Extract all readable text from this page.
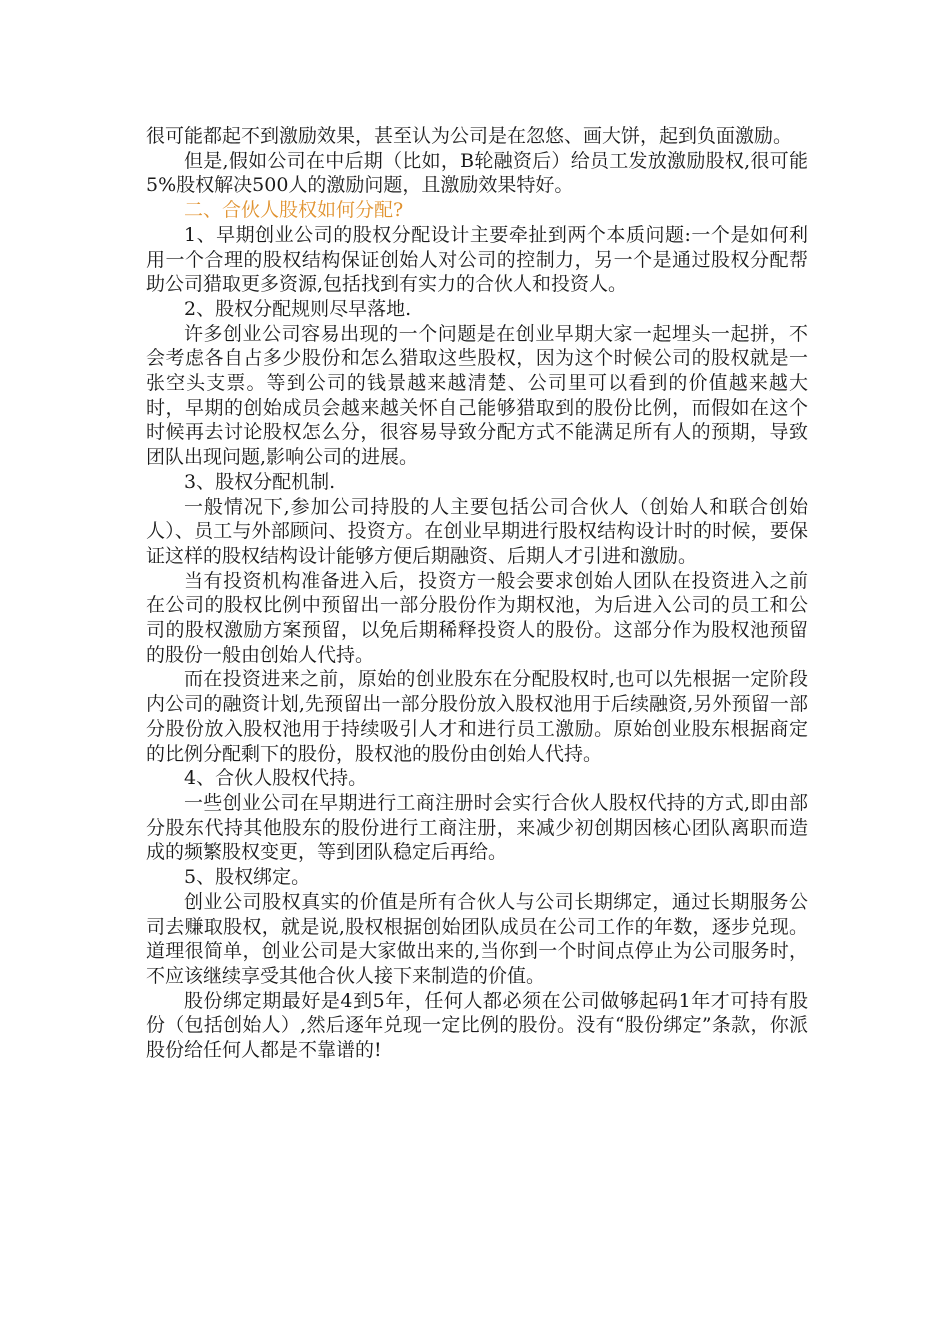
很可能都起不到激励效果，甚至认为公司是在忽悠、画大饼，起到负面激励。

但是,假如公司在中后期（比如，B轮融资后）给员工发放激励股权,很可能5%股权解决500人的激励问题，且激励效果特好。

二、合伙人股权如何分配?

1、早期创业公司的股权分配设计主要牵扯到两个本质问题:一个是如何利用一个合理的股权结构保证创始人对公司的控制力，另一个是通过股权分配帮助公司猎取更多资源,包括找到有实力的合伙人和投资人。

2、股权分配规则尽早落地.

许多创业公司容易出现的一个问题是在创业早期大家一起埋头一起拼，不会考虑各自占多少股份和怎么猎取这些股权，因为这个时候公司的股权就是一张空头支票。等到公司的钱景越来越清楚、公司里可以看到的价值越来越大时，早期的创始成员会越来越关怀自己能够猎取到的股份比例，而假如在这个时候再去讨论股权怎么分，很容易导致分配方式不能满足所有人的预期，导致团队出现问题,影响公司的进展。

3、股权分配机制.

一般情况下,参加公司持股的人主要包括公司合伙人（创始人和联合创始人）、员工与外部顾问、投资方。在创业早期进行股权结构设计时的时候，要保证这样的股权结构设计能够方便后期融资、后期人才引进和激励。

当有投资机构准备进入后，投资方一般会要求创始人团队在投资进入之前在公司的股权比例中预留出一部分股份作为期权池，为后进入公司的员工和公司的股权激励方案预留，以免后期稀释投资人的股份。这部分作为股权池预留的股份一般由创始人代持。

而在投资进来之前，原始的创业股东在分配股权时,也可以先根据一定阶段内公司的融资计划,先预留出一部分股份放入股权池用于后续融资,另外预留一部分股份放入股权池用于持续吸引人才和进行员工激励。原始创业股东根据商定的比例分配剩下的股份，股权池的股份由创始人代持。

4、合伙人股权代持。

一些创业公司在早期进行工商注册时会实行合伙人股权代持的方式,即由部分股东代持其他股东的股份进行工商注册，来减少初创期因核心团队离职而造成的频繁股权变更，等到团队稳定后再给。

5、股权绑定。

创业公司股权真实的价值是所有合伙人与公司长期绑定，通过长期服务公司去赚取股权，就是说,股权根据创始团队成员在公司工作的年数，逐步兑现。道理很简单，创业公司是大家做出来的,当你到一个时间点停止为公司服务时，不应该继续享受其他合伙人接下来制造的价值。

股份绑定期最好是4到5年，任何人都必须在公司做够起码1年才可持有股份（包括创始人）,然后逐年兑现一定比例的股份。没有“股份绑定”条款，你派股份给任何人都是不靠谱的!
